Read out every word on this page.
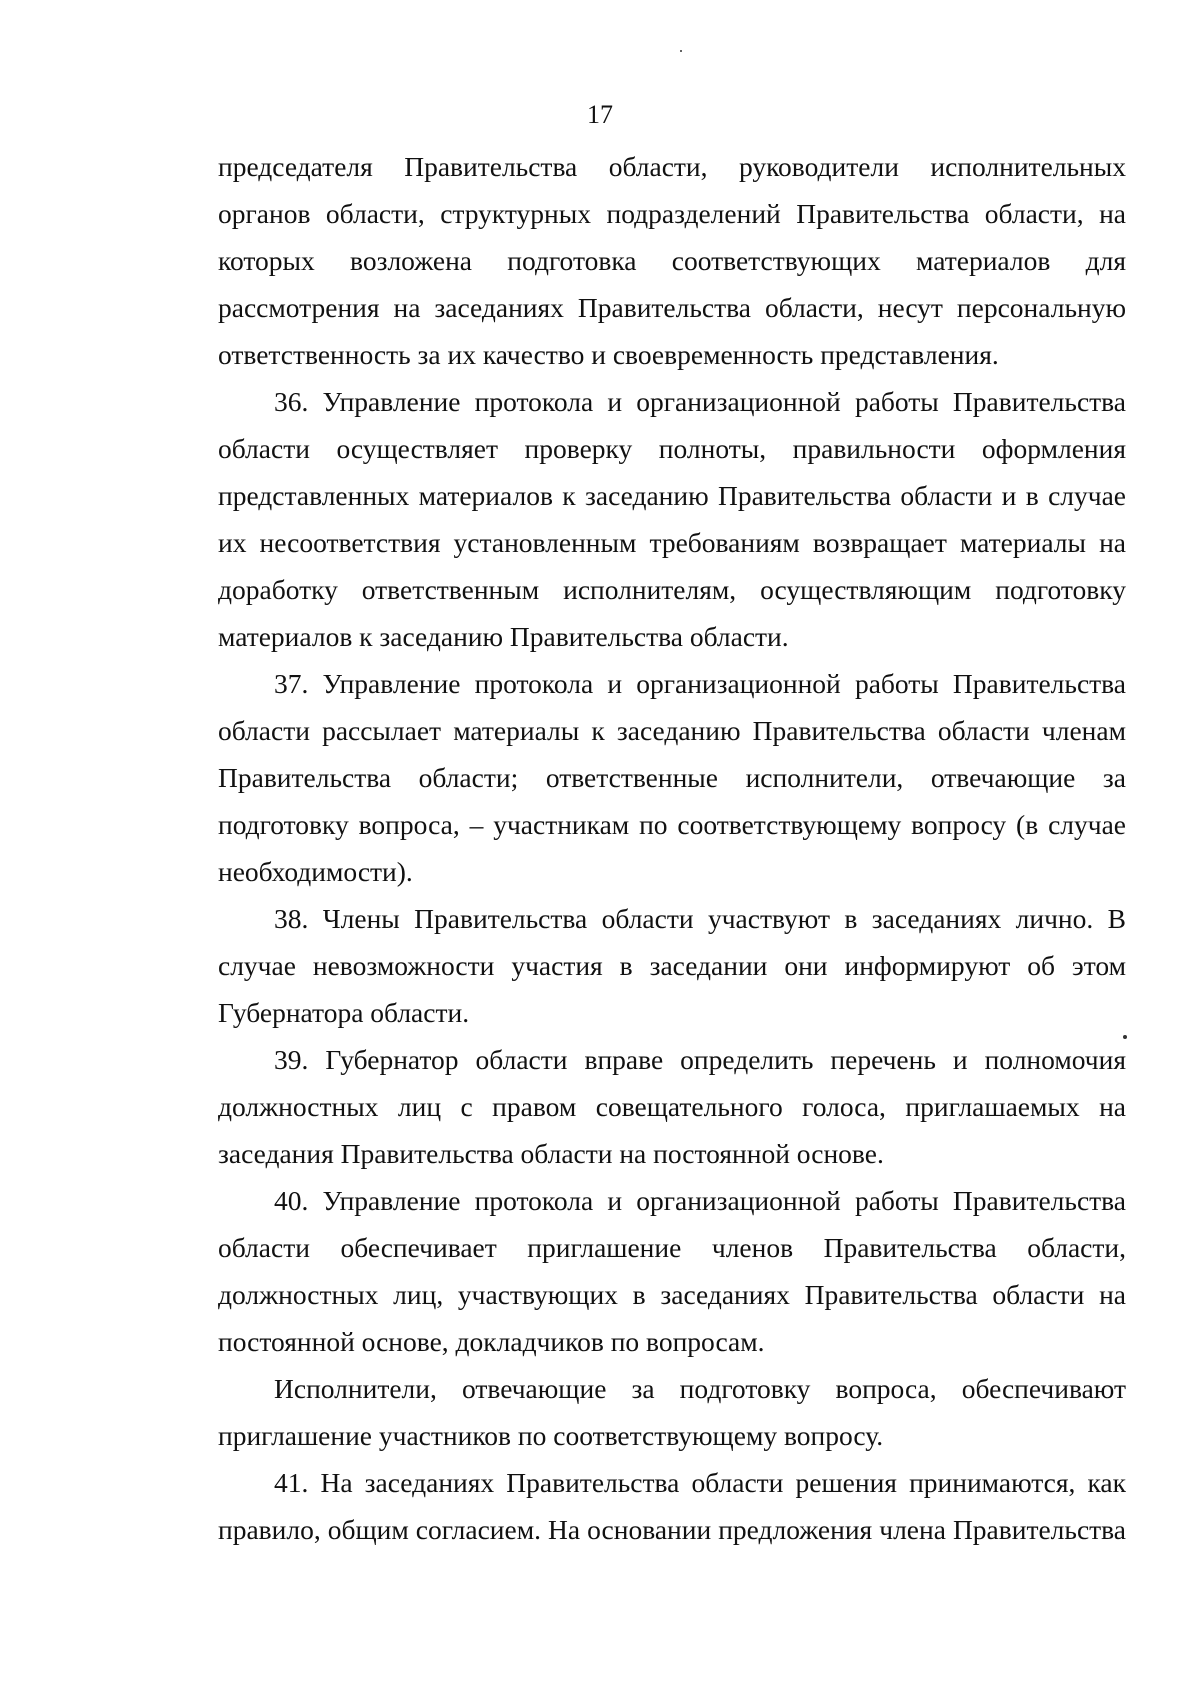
17

председателя Правительства области, руководители исполнительных органов области, структурных подразделений Правительства области, на которых возложена подготовка соответствующих материалов для рассмотрения на заседаниях Правительства области, несут персональную ответственность за их качество и своевременность представления.

36. Управление протокола и организационной работы Правительства области осуществляет проверку полноты, правильности оформления представленных материалов к заседанию Правительства области и в случае их несоответствия установленным требованиям возвращает материалы на доработку ответственным исполнителям, осуществляющим подготовку материалов к заседанию Правительства области.

37. Управление протокола и организационной работы Правительства области рассылает материалы к заседанию Правительства области членам Правительства области; ответственные исполнители, отвечающие за подготовку вопроса, – участникам по соответствующему вопросу (в случае необходимости).

38. Члены Правительства области участвуют в заседаниях лично. В случае невозможности участия в заседании они информируют об этом Губернатора области.

39. Губернатор области вправе определить перечень и полномочия должностных лиц с правом совещательного голоса, приглашаемых на заседания Правительства области на постоянной основе.

40. Управление протокола и организационной работы Правительства области обеспечивает приглашение членов Правительства области, должностных лиц, участвующих в заседаниях Правительства области на постоянной основе, докладчиков по вопросам.

Исполнители, отвечающие за подготовку вопроса, обеспечивают приглашение участников по соответствующему вопросу.

41. На заседаниях Правительства области решения принимаются, как правило, общим согласием. На основании предложения члена Правительства
